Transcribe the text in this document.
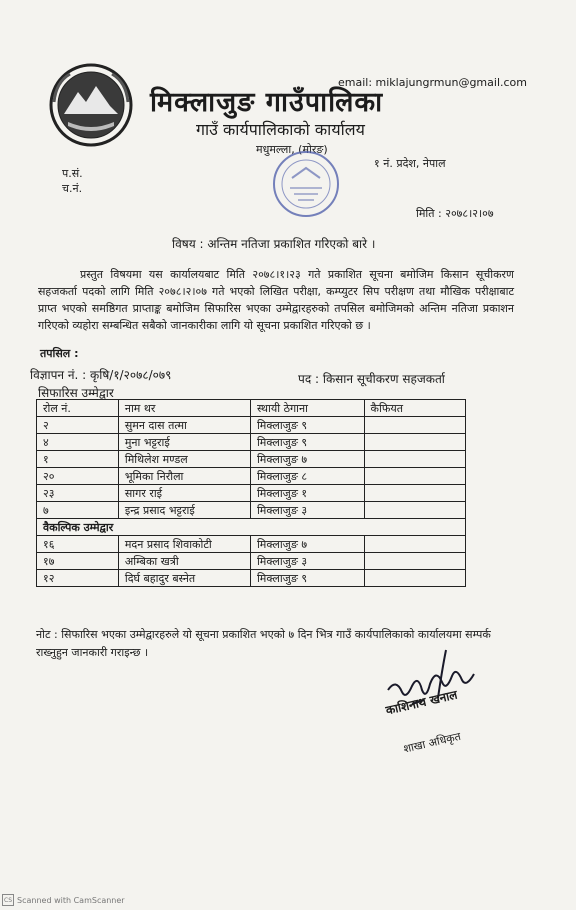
email: miklajungrmun@gmail.com
मिक्लाजुङ गाउँपालिका
गाउँ कार्यपालिकाको कार्यालय
मधुमल्ला, (मोरङ)
१ नं. प्रदेश, नेपाल
प.सं.
च.नं.
मिति : २०७८।२।०७
विषय : अन्तिम नतिजा प्रकाशित गरिएको बारे ।

प्रस्तुत विषयमा यस कार्यालयबाट मिति २०७८।१।२३ गते प्रकाशित सूचना बमोजिम किसान सूचीकरण सहजकर्ता पदको लागि मिति २०७८।२।०७ गते भएको लिखित परीक्षा, कम्प्युटर सिप परीक्षण तथा मौखिक परीक्षाबाट प्राप्त भएको समष्ठिगत प्राप्ताङ्क बमोजिम सिफारिस भएका उम्मेद्वारहरुको तपसिल बमोजिमको अन्तिम नतिजा प्रकाशन गरिएको व्यहोरा सम्बन्धित सबैको जानकारीका लागि यो सूचना प्रकाशित गरिएको छ ।

तपसिल :
विज्ञापन नं. : कृषि/१/२०७८/०७९	पद : किसान सूचीकरण सहजकर्ता
सिफारिस उम्मेद्वार
रोल नं.	नाम थर	स्थायी ठेगाना	कैफियत
२	सुमन दास तत्मा	मिक्लाजुङ ९	
४	मुना भट्टराई	मिक्लाजुङ ९	
१	मिथिलेश मण्डल	मिक्लाजुङ ७	
२०	भूमिका निरौला	मिक्लाजुङ ८	
२३	सागर राई	मिक्लाजुङ १	
७	इन्द्र प्रसाद भट्टराई	मिक्लाजुङ ३	
वैकल्पिक उम्मेद्वार			
१६	मदन प्रसाद शिवाकोटी	मिक्लाजुङ ७	
१७	अम्बिका खत्री	मिक्लाजुङ ३	
१२	दिर्घ बहादुर बस्नेत	मिक्लाजुङ ९	
नोट : सिफारिस भएका उम्मेद्वारहरुले यो सूचना प्रकाशित भएको ७ दिन भित्र गाउँ कार्यपालिकाको कार्यालयमा सम्पर्क राख्नुहुन जानकारी गराइन्छ ।
काशिनाथ खनाल
शाखा अधिकृत
CS Scanned with CamScanner
